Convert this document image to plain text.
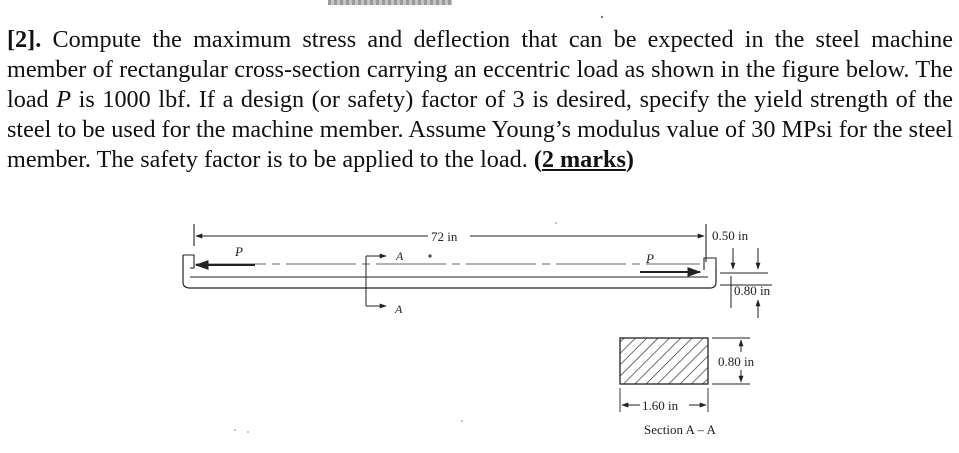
[2]. Compute the maximum stress and deflection that can be expected in the steel machine member of rectangular cross-section carrying an eccentric load as shown in the figure below. The load P is 1000 lbf. If a design (or safety) factor of 3 is desired, specify the yield strength of the steel to be used for the machine member. Assume Young’s modulus value of 30 MPsi for the steel member. The safety factor is to be applied to the load. (2 marks)

72 in
P	P
A
A
0.50 in
0.80 in
0.80 in
1.60 in
Section A – A
